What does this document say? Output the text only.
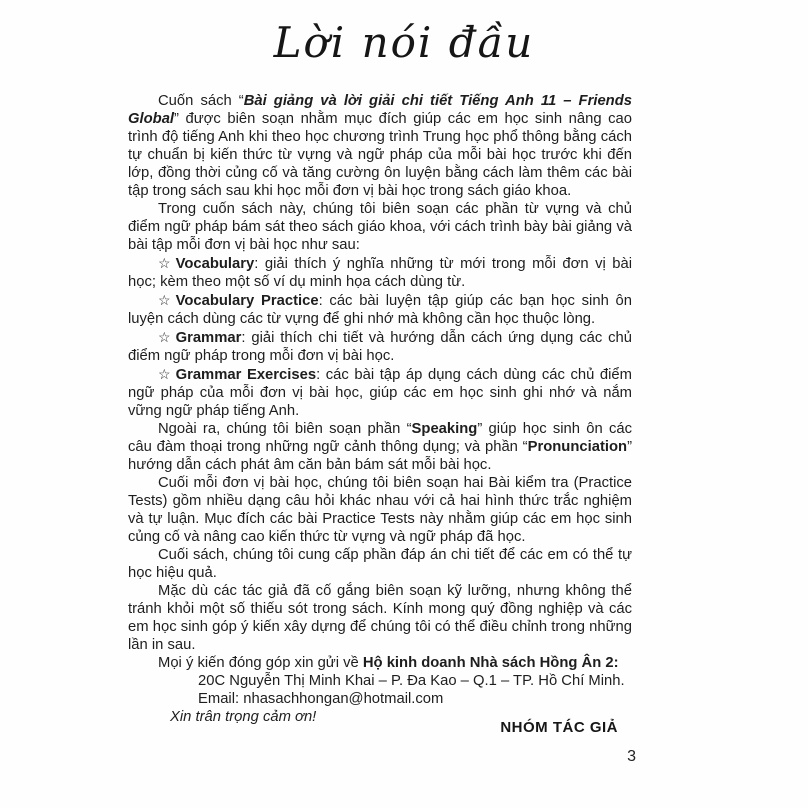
Lời nói đầu

Cuốn sách “Bài giảng và lời giải chi tiết Tiếng Anh 11 – Friends Global” được biên soạn nhằm mục đích giúp các em học sinh nâng cao trình độ tiếng Anh khi theo học chương trình Trung học phổ thông bằng cách tự chuẩn bị kiến thức từ vựng và ngữ pháp của mỗi bài học trước khi đến lớp, đồng thời củng cố và tăng cường ôn luyện bằng cách làm thêm các bài tập trong sách sau khi học mỗi đơn vị bài học trong sách giáo khoa.

Trong cuốn sách này, chúng tôi biên soạn các phần từ vựng và chủ điểm ngữ pháp bám sát theo sách giáo khoa, với cách trình bày bài giảng và bài tập mỗi đơn vị bài học như sau:

☆ Vocabulary: giải thích ý nghĩa những từ mới trong mỗi đơn vị bài học; kèm theo một số ví dụ minh họa cách dùng từ.

☆ Vocabulary Practice: các bài luyện tập giúp các bạn học sinh ôn luyện cách dùng các từ vựng để ghi nhớ mà không cần học thuộc lòng.

☆ Grammar: giải thích chi tiết và hướng dẫn cách ứng dụng các chủ điểm ngữ pháp trong mỗi đơn vị bài học.

☆ Grammar Exercises: các bài tập áp dụng cách dùng các chủ điểm ngữ pháp của mỗi đơn vị bài học, giúp các em học sinh ghi nhớ và nắm vững ngữ pháp tiếng Anh.

Ngoài ra, chúng tôi biên soạn phần “Speaking” giúp học sinh ôn các câu đàm thoại trong những ngữ cảnh thông dụng; và phần “Pronunciation” hướng dẫn cách phát âm căn bản bám sát mỗi bài học.

Cuối mỗi đơn vị bài học, chúng tôi biên soạn hai Bài kiểm tra (Practice Tests) gồm nhiều dạng câu hỏi khác nhau với cả hai hình thức trắc nghiệm và tự luận. Mục đích các bài Practice Tests này nhằm giúp các em học sinh củng cố và nâng cao kiến thức từ vựng và ngữ pháp đã học.

Cuối sách, chúng tôi cung cấp phần đáp án chi tiết để các em có thể tự học hiệu quả.

Mặc dù các tác giả đã cố gắng biên soạn kỹ lưỡng, nhưng không thể tránh khỏi một số thiếu sót trong sách. Kính mong quý đồng nghiệp và các em học sinh góp ý kiến xây dựng để chúng tôi có thể điều chỉnh trong những lần in sau.

Mọi ý kiến đóng góp xin gửi về Hộ kinh doanh Nhà sách Hồng Ân 2:

20C Nguyễn Thị Minh Khai – P. Đa Kao – Q.1 – TP. Hồ Chí Minh.

Email: nhasachhongan@hotmail.com

Xin trân trọng cảm ơn!

NHÓM TÁC GIẢ
3
